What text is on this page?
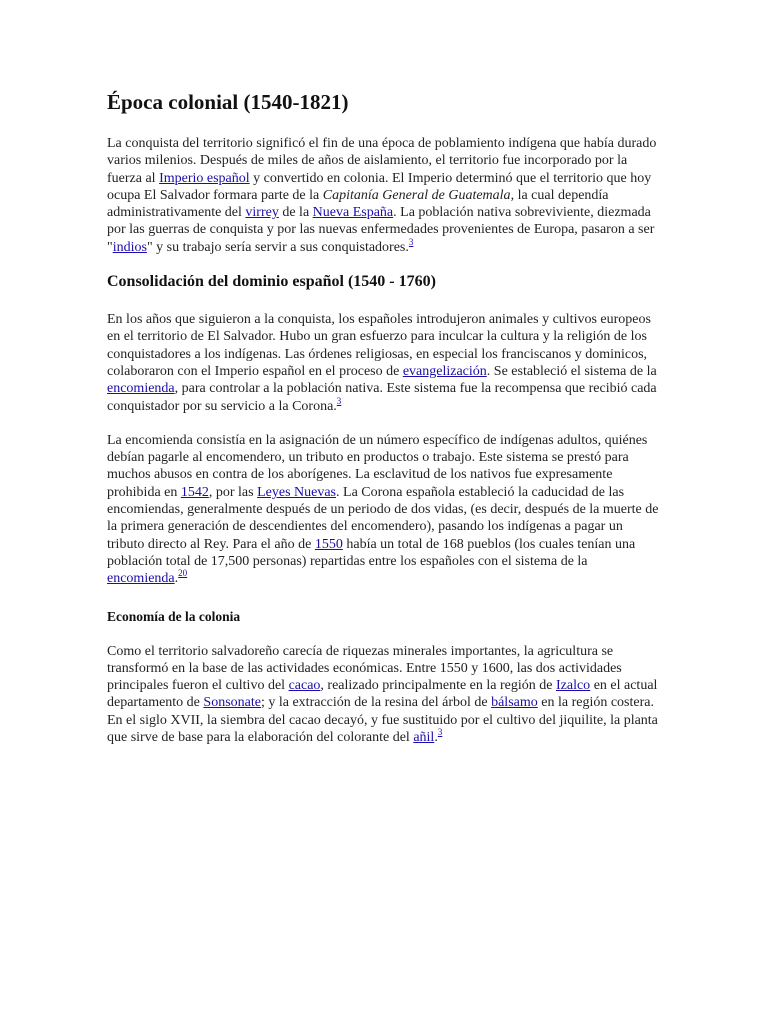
Época colonial (1540-1821)

La conquista del territorio significó el fin de una época de poblamiento indígena que había durado varios milenios. Después de miles de años de aislamiento, el territorio fue incorporado por la fuerza al Imperio español y convertido en colonia. El Imperio determinó que el territorio que hoy ocupa El Salvador formara parte de la Capitanía General de Guatemala, la cual dependía administrativamente del virrey de la Nueva España. La población nativa sobreviviente, diezmada por las guerras de conquista y por las nuevas enfermedades provenientes de Europa, pasaron a ser "indios" y su trabajo sería servir a sus conquistadores.$^3$

Consolidación del dominio español (1540 - 1760)

En los años que siguieron a la conquista, los españoles introdujeron animales y cultivos europeos en el territorio de El Salvador. Hubo un gran esfuerzo para inculcar la cultura y la religión de los conquistadores a los indígenas. Las órdenes religiosas, en especial los franciscanos y dominicos, colaboraron con el Imperio español en el proceso de evangelización. Se estableció el sistema de la encomienda, para controlar a la población nativa. Este sistema fue la recompensa que recibió cada conquistador por su servicio a la Corona.$^3$

La encomienda consistía en la asignación de un número específico de indígenas adultos, quiénes debían pagarle al encomendero, un tributo en productos o trabajo. Este sistema se prestó para muchos abusos en contra de los aborígenes. La esclavitud de los nativos fue expresamente prohibida en 1542, por las Leyes Nuevas. La Corona española estableció la caducidad de las encomiendas, generalmente después de un periodo de dos vidas, (es decir, después de la muerte de la primera generación de descendientes del encomendero), pasando los indígenas a pagar un tributo directo al Rey. Para el año de 1550 había un total de 168 pueblos (los cuales tenían una población total de 17,500 personas) repartidas entre los españoles con el sistema de la encomienda.$^{20}$

Economía de la colonia

Como el territorio salvadoreño carecía de riquezas minerales importantes, la agricultura se transformó en la base de las actividades económicas. Entre 1550 y 1600, las dos actividades principales fueron el cultivo del cacao, realizado principalmente en la región de Izalco en el actual departamento de Sonsonate; y la extracción de la resina del árbol de bálsamo en la región costera. En el siglo XVII, la siembra del cacao decayó, y fue sustituido por el cultivo del jiquilite, la planta que sirve de base para la elaboración del colorante del añil.$^3$
